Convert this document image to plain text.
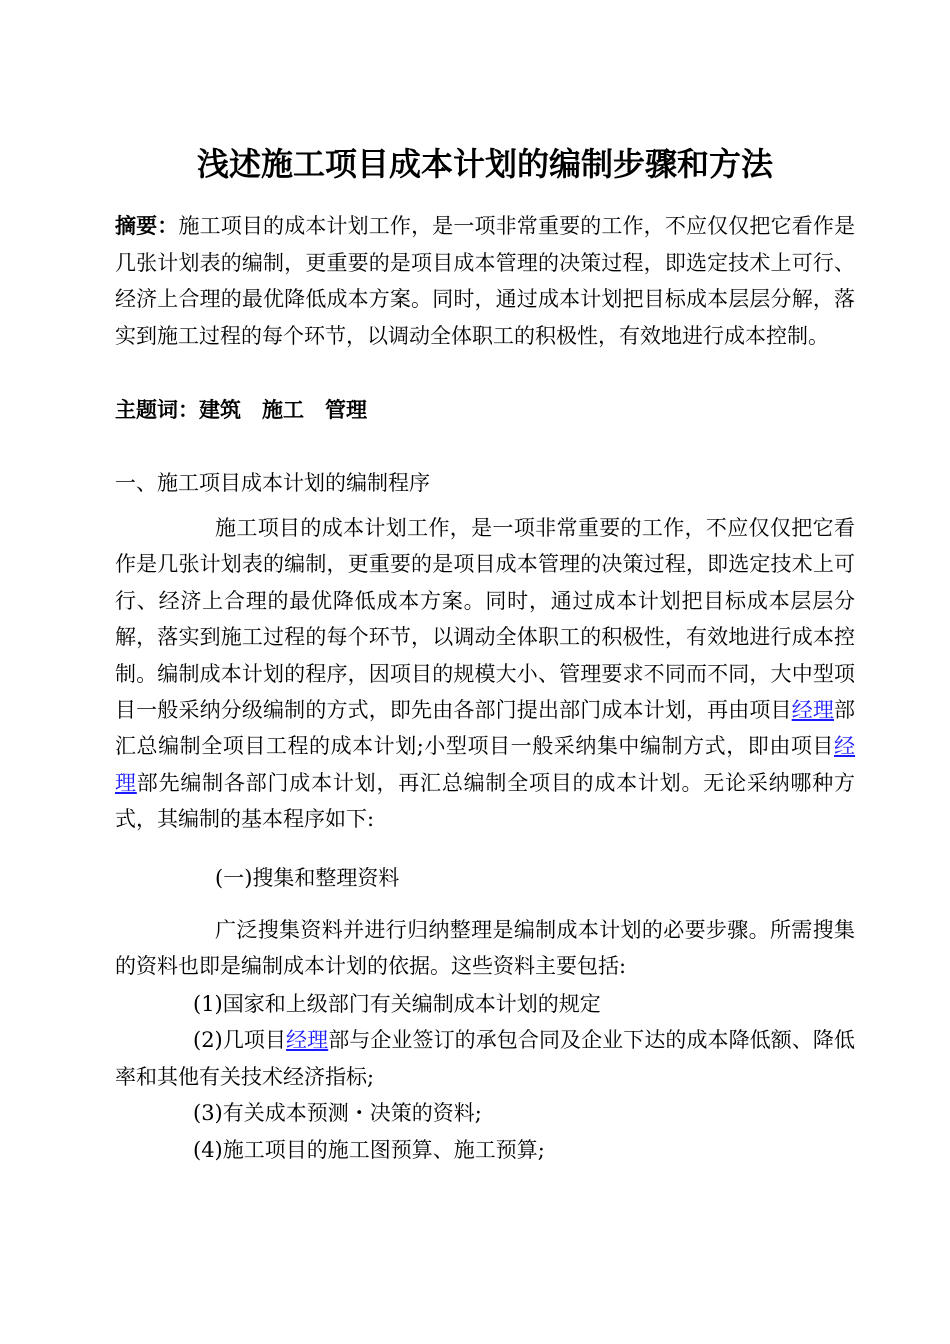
浅述施工项目成本计划的编制步骤和方法
摘要：施工项目的成本计划工作，是一项非常重要的工作，不应仅仅把它看作是几张计划表的编制，更重要的是项目成本管理的决策过程，即选定技术上可行、经济上合理的最优降低成本方案。同时，通过成本计划把目标成本层层分解，落实到施工过程的每个环节，以调动全体职工的积极性，有效地进行成本控制。
主题词：建筑　施工　管理
一、施工项目成本计划的编制程序
施工项目的成本计划工作，是一项非常重要的工作，不应仅仅把它看作是几张计划表的编制，更重要的是项目成本管理的决策过程，即选定技术上可行、经济上合理的最优降低成本方案。同时，通过成本计划把目标成本层层分解，落实到施工过程的每个环节，以调动全体职工的积极性，有效地进行成本控制。编制成本计划的程序，因项目的规模大小、管理要求不同而不同，大中型项目一般采纳分级编制的方式，即先由各部门提出部门成本计划，再由项目经理部汇总编制全项目工程的成本计划;小型项目一般采纳集中编制方式，即由项目经理部先编制各部门成本计划，再汇总编制全项目的成本计划。无论采纳哪种方式，其编制的基本程序如下:
(一)搜集和整理资料
广泛搜集资料并进行归纳整理是编制成本计划的必要步骤。所需搜集的资料也即是编制成本计划的依据。这些资料主要包括:
(1)国家和上级部门有关编制成本计划的规定
(2)几项目经理部与企业签订的承包合同及企业下达的成本降低额、降低率和其他有关技术经济指标;
(3)有关成本预测・决策的资料;
(4)施工项目的施工图预算、施工预算;
